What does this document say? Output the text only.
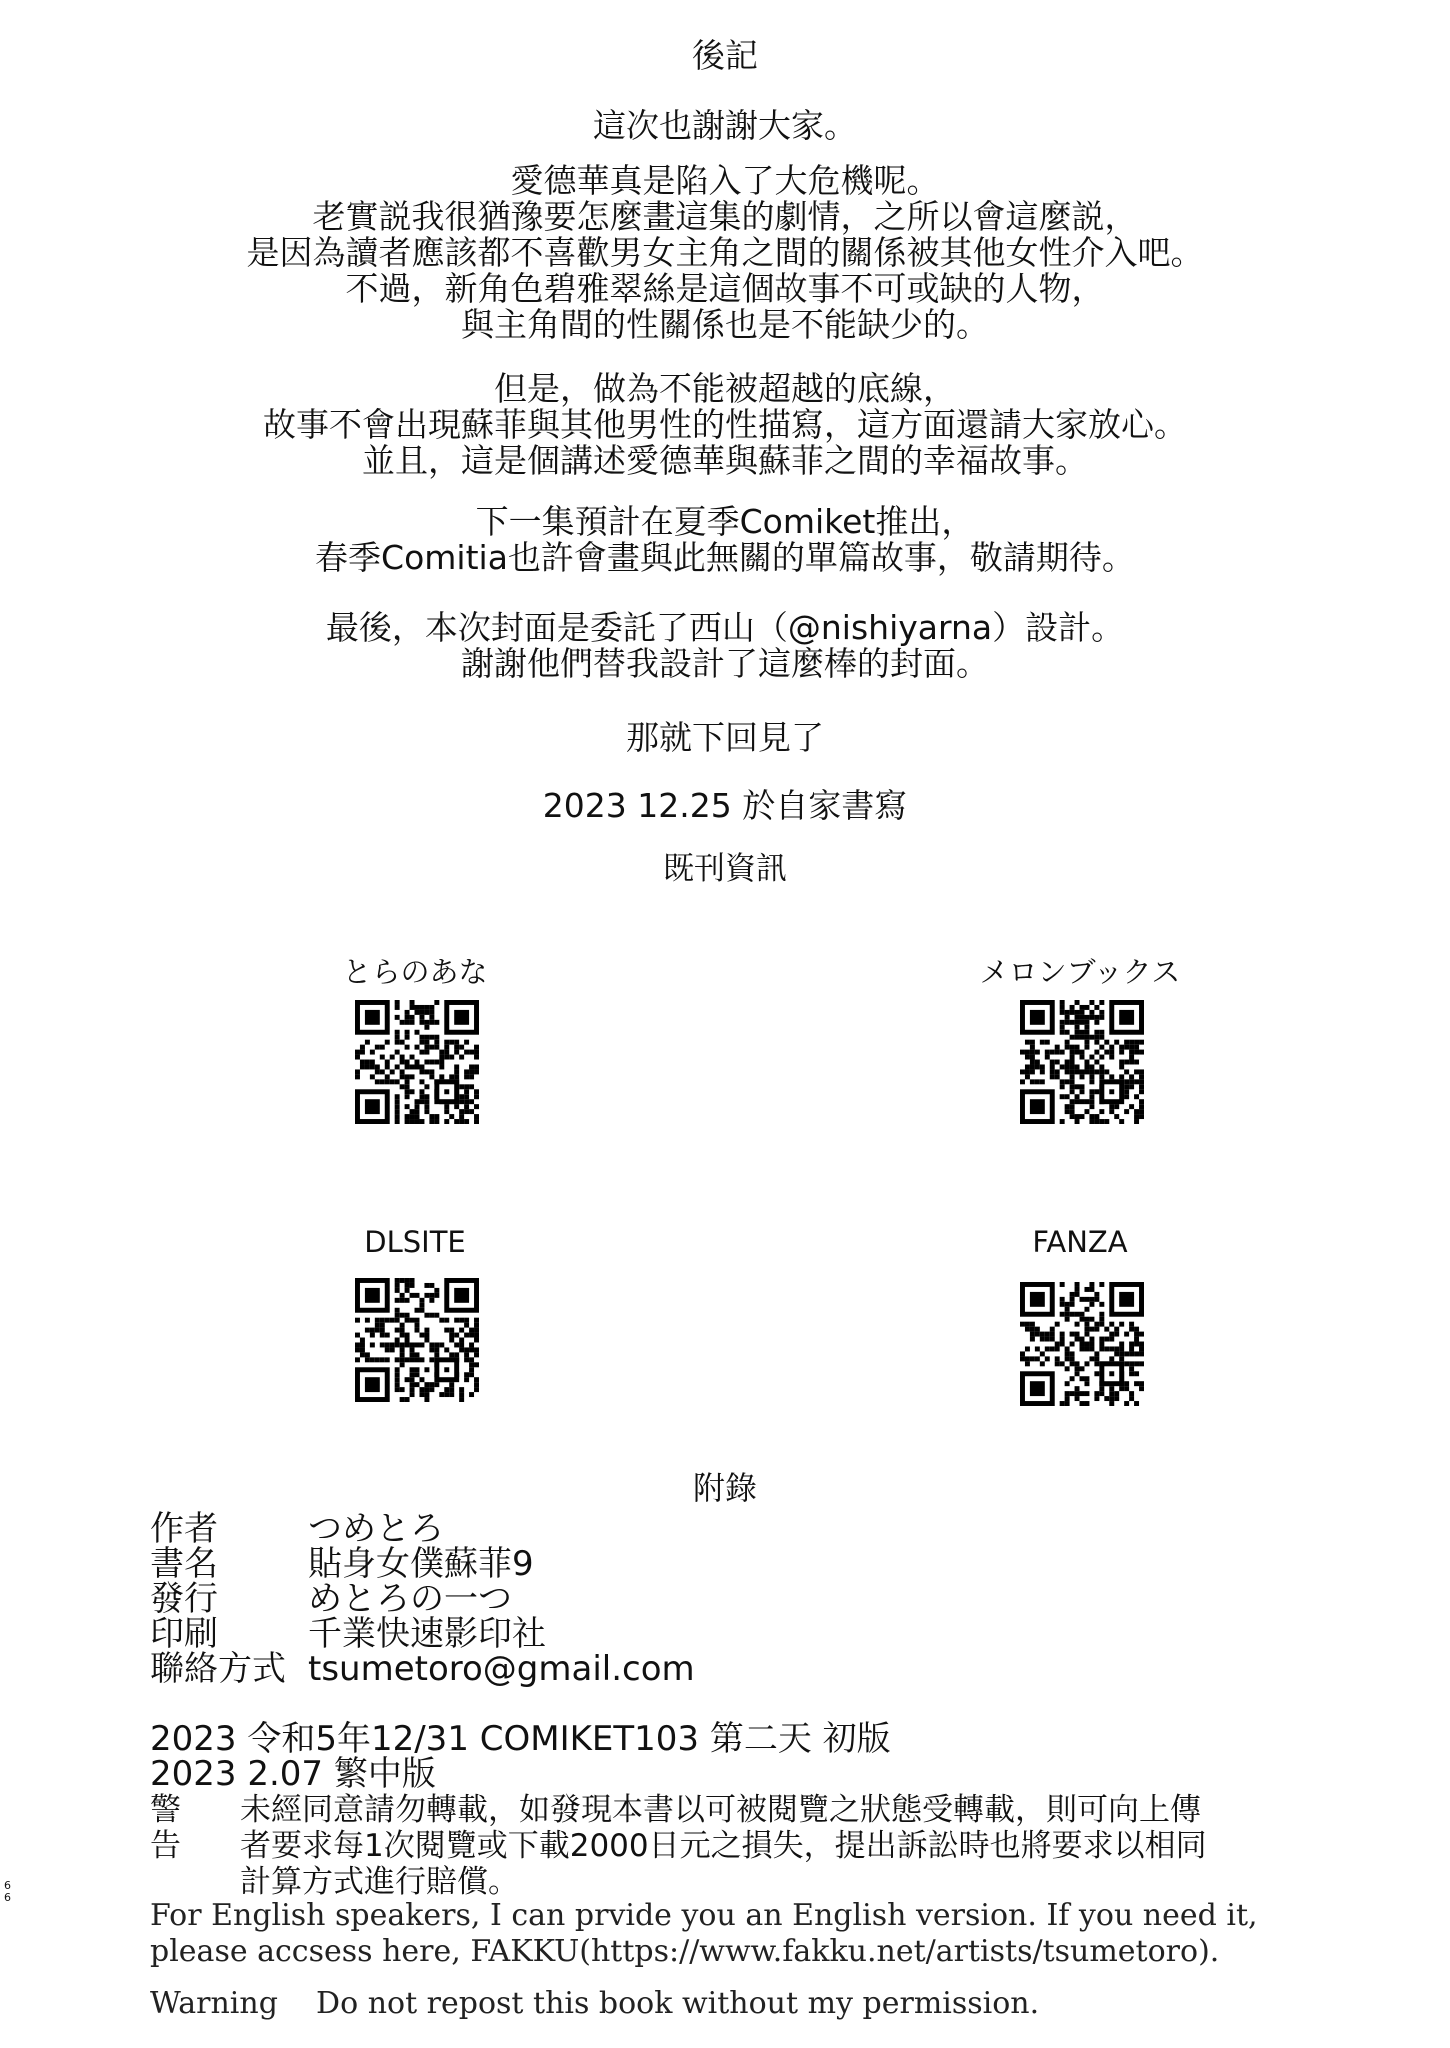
後記
這次也謝謝大家。
愛德華真是陷入了大危機呢。
老實説我很猶豫要怎麼畫這集的劇情，之所以會這麼説，
是因為讀者應該都不喜歡男女主角之間的關係被其他女性介入吧。
不過，新角色碧雅翠絲是這個故事不可或缺的人物，
與主角間的性關係也是不能缺少的。
但是，做為不能被超越的底線，
故事不會出現蘇菲與其他男性的性描寫，這方面還請大家放心。
並且，這是個講述愛德華與蘇菲之間的幸福故事。
下一集預計在夏季Comiket推出，
春季Comitia也許會畫與此無關的單篇故事，敬請期待。
最後，本次封面是委託了西山（@nishiyarna）設計。
謝謝他們替我設計了這麼棒的封面。
那就下回見了
2023 12.25 於自家書寫
既刊資訊
とらのあな	メロンブックス
DLSITE	FANZA
附錄
作者	つめとろ
書名	貼身女僕蘇菲9
發行	めとろの一つ
印刷	千業快速影印社
聯絡方式 tsumetoro@gmail.com
2023 令和5年12/31 COMIKET103 第二天 初版
2023 2.07 繁中版
警告
未經同意請勿轉載，如發現本書以可被閱覽之狀態受轉載，則可向上傳
者要求每1次閱覽或下載2000日元之損失，提出訴訟時也將要求以相同
計算方式進行賠償。
6
6
For English speakers, I can prvide you an English version. If you need it,
please accsess here, FAKKU(https://www.fakku.net/artists/tsumetoro).
Warning    Do not repost this book without my permission.
